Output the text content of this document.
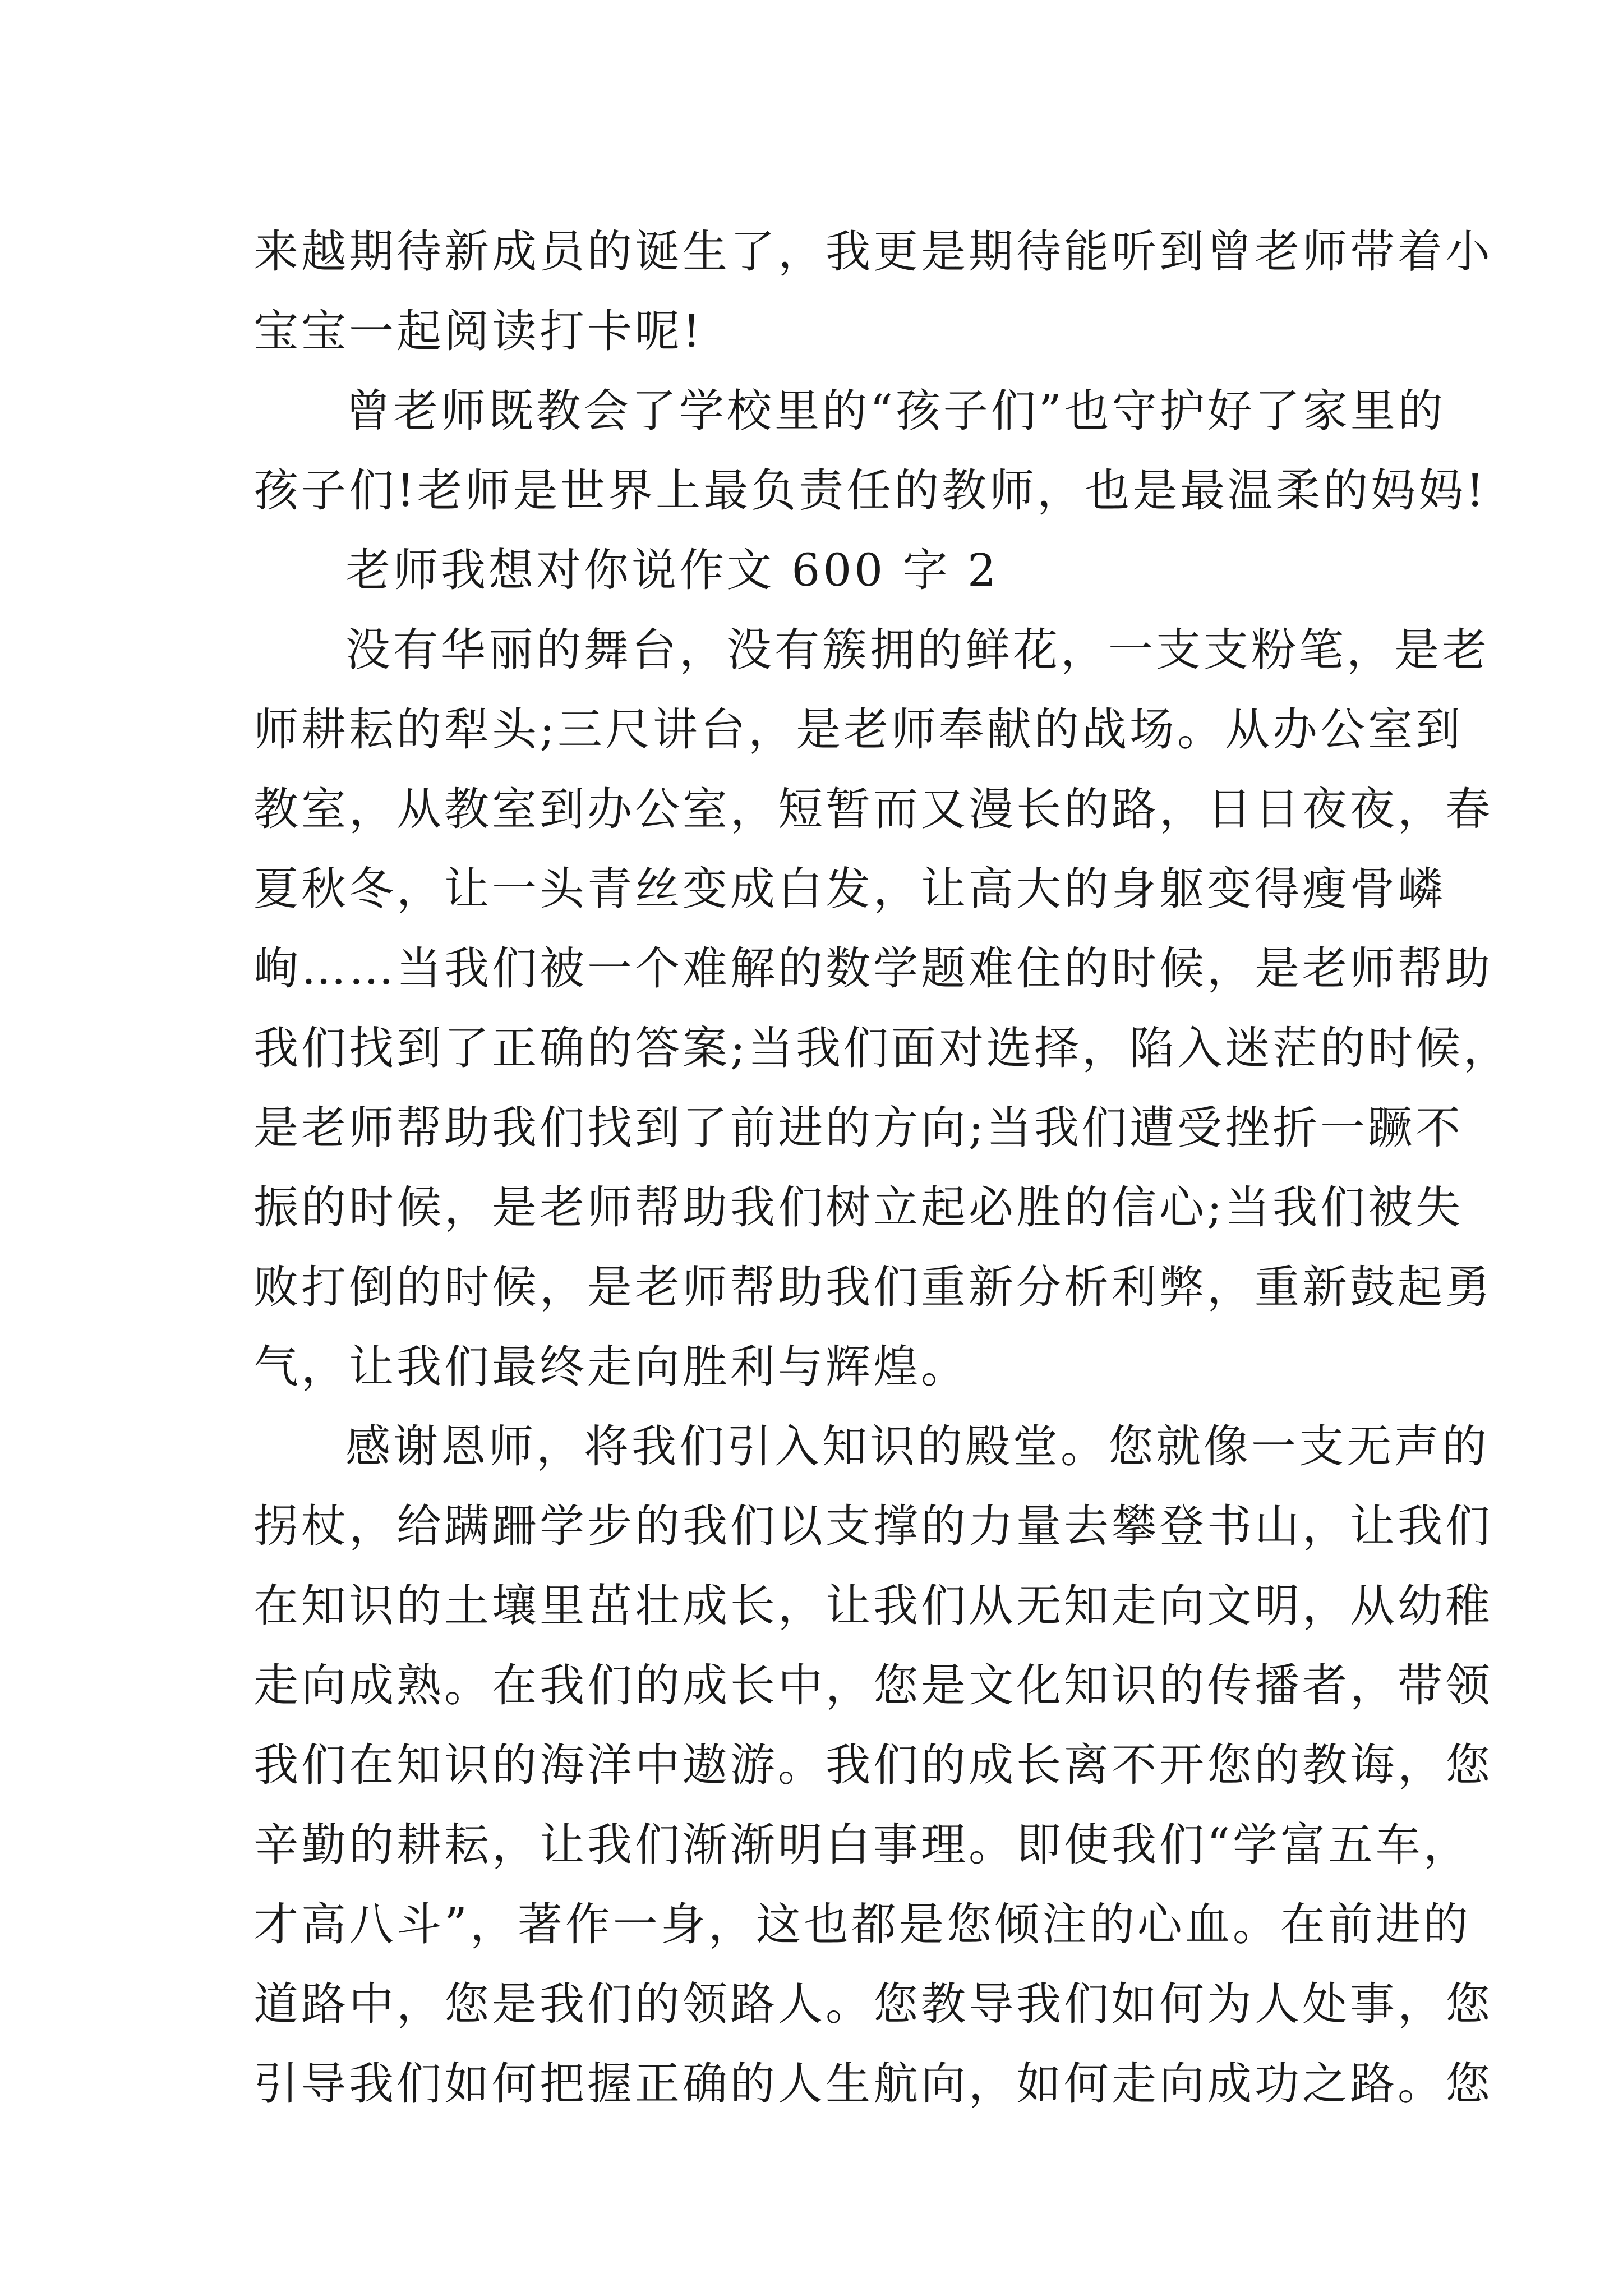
来越期待新成员的诞生了，我更是期待能听到曾老师带着小
宝宝一起阅读打卡呢!
曾老师既教会了学校里的“孩子们”也守护好了家里的
孩子们!老师是世界上最负责任的教师，也是最温柔的妈妈!
老师我想对你说作文 600 字 2
没有华丽的舞台，没有簇拥的鲜花，一支支粉笔，是老
师耕耘的犁头;三尺讲台，是老师奉献的战场。从办公室到
教室，从教室到办公室，短暂而又漫长的路，日日夜夜，春
夏秋冬，让一头青丝变成白发，让高大的身躯变得瘦骨嶙
峋……当我们被一个难解的数学题难住的时候，是老师帮助
我们找到了正确的答案;当我们面对选择，陷入迷茫的时候，
是老师帮助我们找到了前进的方向;当我们遭受挫折一蹶不
振的时候，是老师帮助我们树立起必胜的信心;当我们被失
败打倒的时候，是老师帮助我们重新分析利弊，重新鼓起勇
气，让我们最终走向胜利与辉煌。
感谢恩师，将我们引入知识的殿堂。您就像一支无声的
拐杖，给蹒跚学步的我们以支撑的力量去攀登书山，让我们
在知识的土壤里茁壮成长，让我们从无知走向文明，从幼稚
走向成熟。在我们的成长中，您是文化知识的传播者，带领
我们在知识的海洋中遨游。我们的成长离不开您的教诲，您
辛勤的耕耘，让我们渐渐明白事理。即使我们“学富五车，
才高八斗”，著作一身，这也都是您倾注的心血。在前进的
道路中，您是我们的领路人。您教导我们如何为人处事，您
引导我们如何把握正确的人生航向，如何走向成功之路。您
